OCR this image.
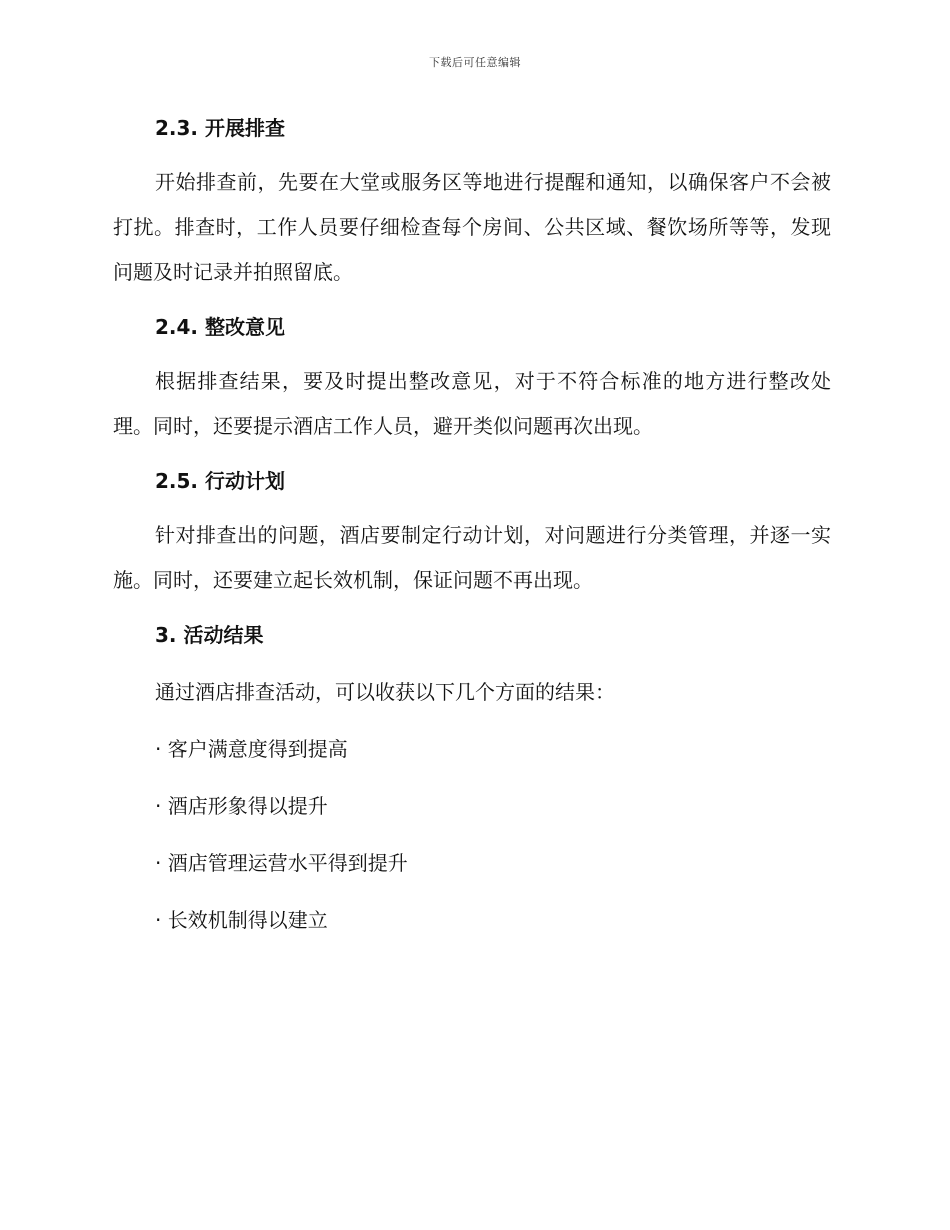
下载后可任意编辑
2.3. 开展排查

开始排查前，先要在大堂或服务区等地进行提醒和通知，以确保客户不会被打扰。排查时，工作人员要仔细检查每个房间、公共区域、餐饮场所等等，发现问题及时记录并拍照留底。

2.4. 整改意见

根据排查结果，要及时提出整改意见，对于不符合标准的地方进行整改处理。同时，还要提示酒店工作人员，避开类似问题再次出现。

2.5. 行动计划

针对排查出的问题，酒店要制定行动计划，对问题进行分类管理，并逐一实施。同时，还要建立起长效机制，保证问题不再出现。

3. 活动结果

通过酒店排查活动，可以收获以下几个方面的结果：

· 客户满意度得到提高

· 酒店形象得以提升

· 酒店管理运营水平得到提升

· 长效机制得以建立
